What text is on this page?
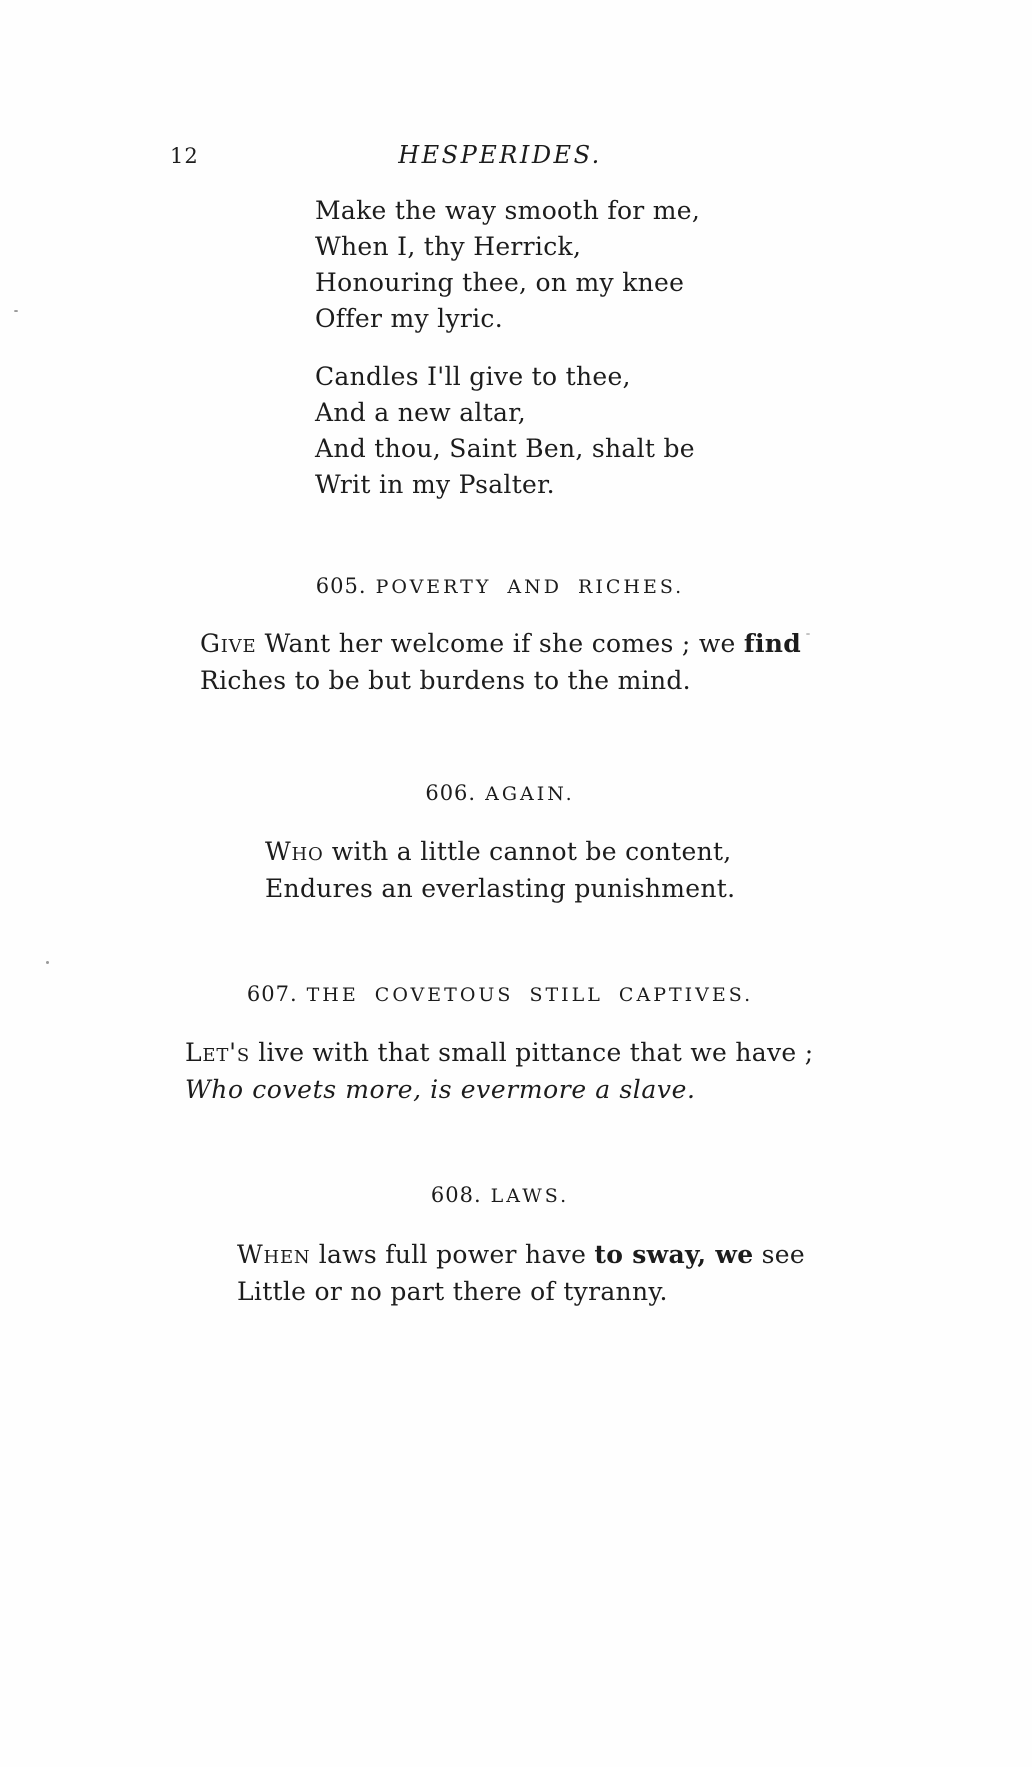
12	HESPERIDES.
Make the way smooth for me,
When I, thy Herrick,
Honouring thee, on my knee
Offer my lyric.
Candles I'll give to thee,
And a new altar,
And thou, Saint Ben, shalt be
Writ in my Psalter.
605. POVERTY AND RICHES.
Give Want her welcome if she comes ; we find
Riches to be but burdens to the mind.
606. AGAIN.
Who with a little cannot be content,
Endures an everlasting punishment.
607. THE COVETOUS STILL CAPTIVES.
Let's live with that small pittance that we have ;
Who covets more, is evermore a slave.
608. LAWS.
When laws full power have to sway, we see
Little or no part there of tyranny.
